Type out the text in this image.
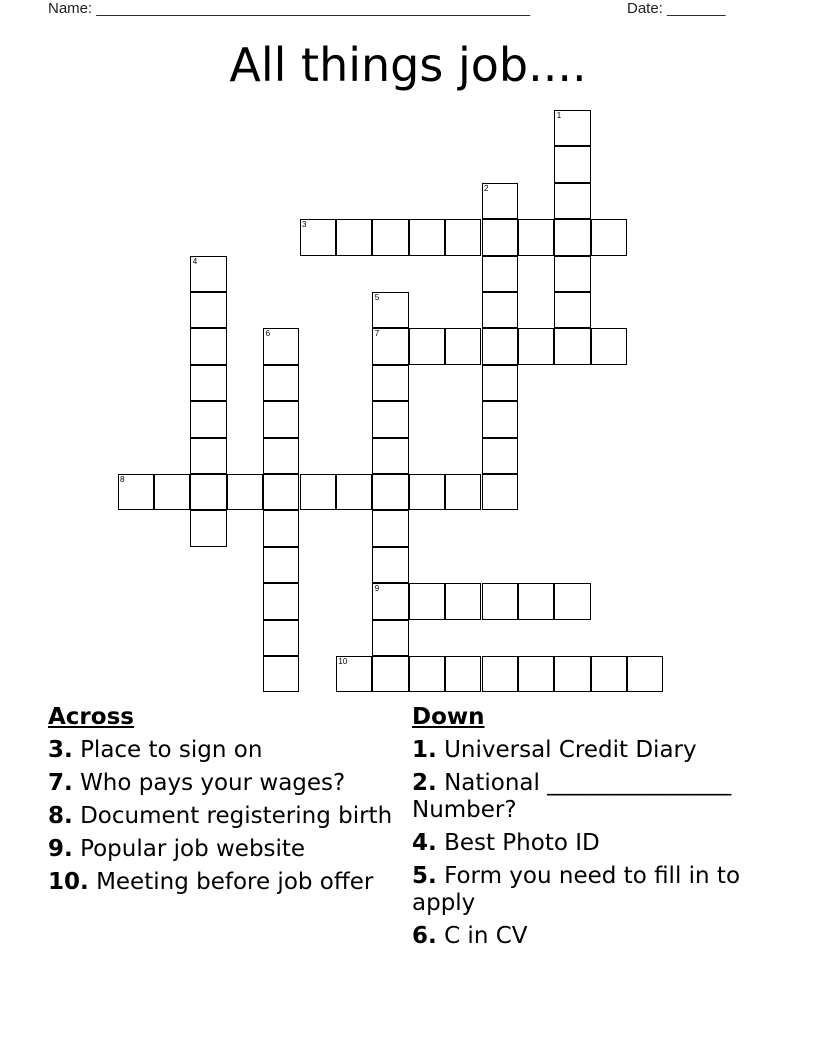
Name: ____________________________________________________	Date: _______
All things job....
1
2
3
4
5
7
9
6
8
10
Across
3. Place to sign on
7. Who pays your wages?
8. Document registering birth
9. Popular job website
10. Meeting before job offer
Down
1. Universal Credit Diary
2. National ________________ Number?
4. Best Photo ID
5. Form you need to fill in to apply
6. C in CV
